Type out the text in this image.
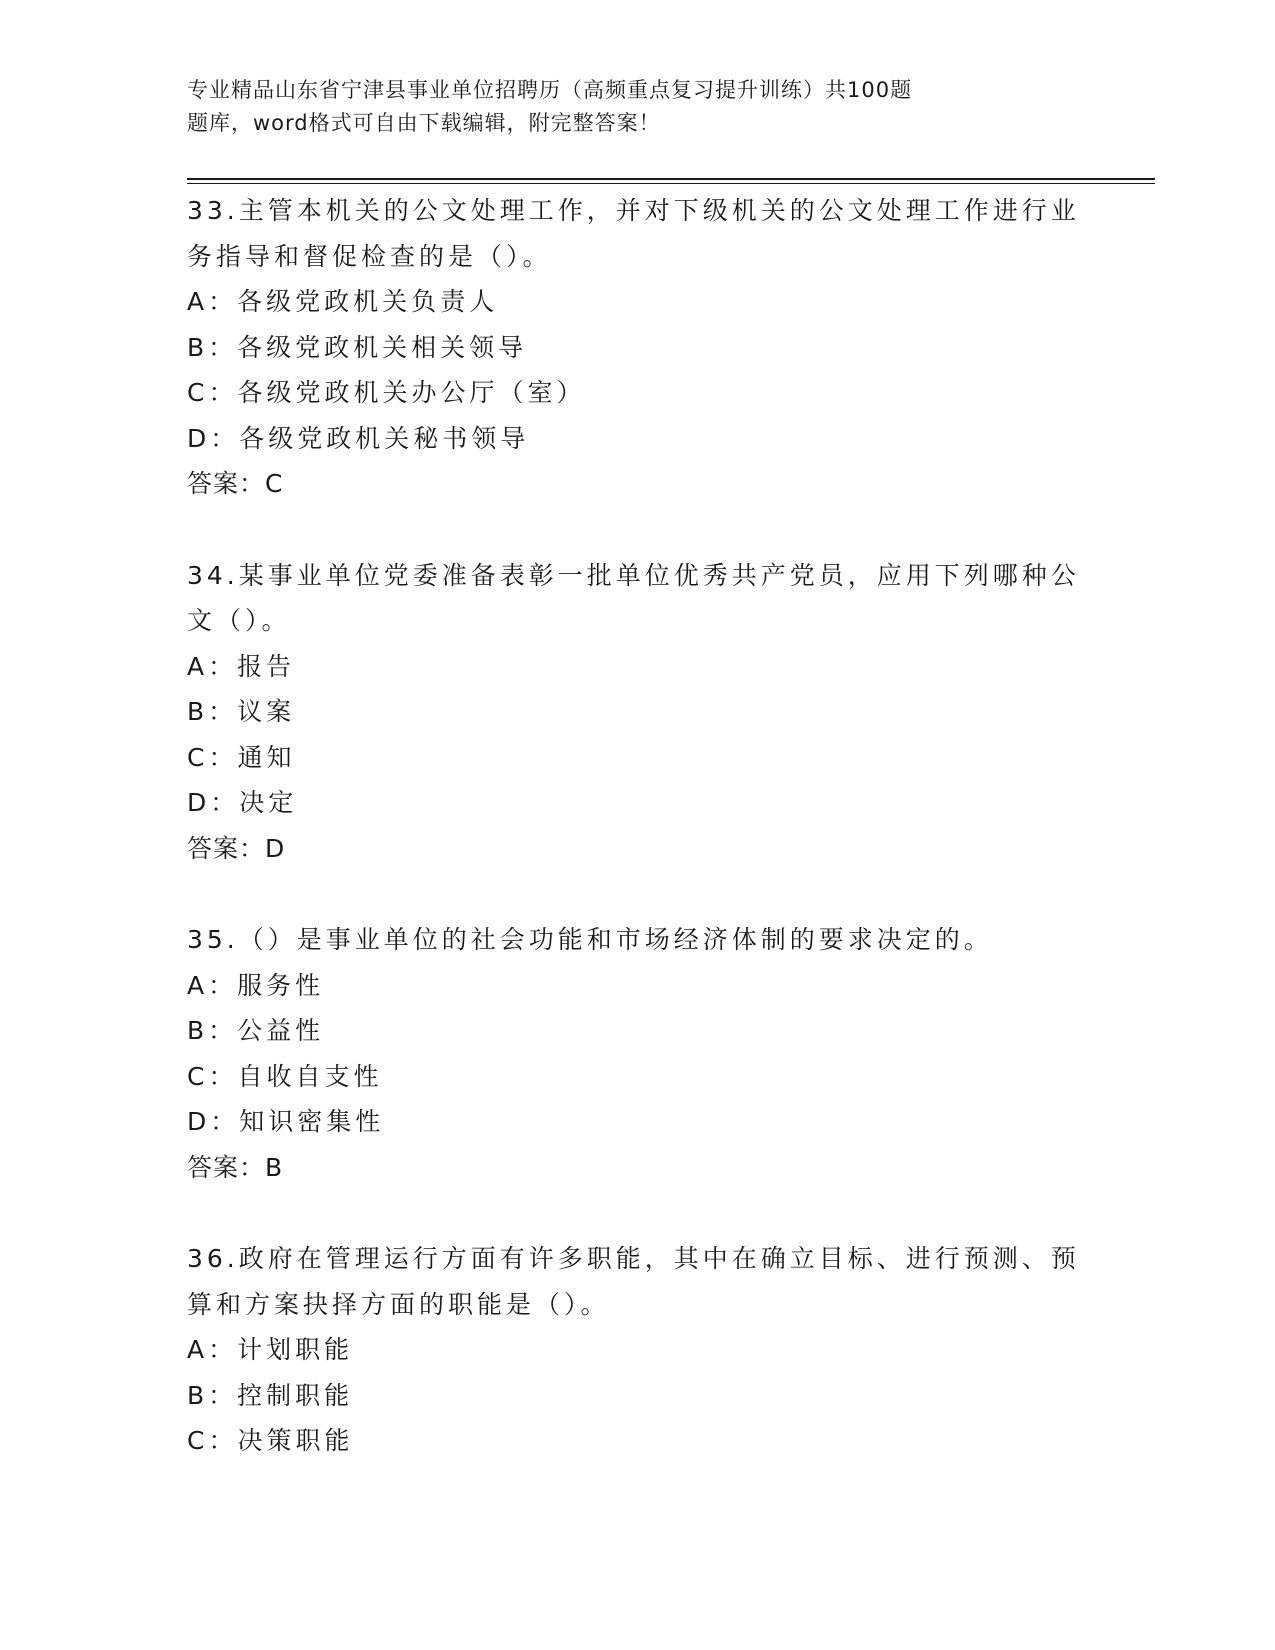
专业精品山东省宁津县事业单位招聘历（高频重点复习提升训练）共100题
题库，word格式可自由下载编辑，附完整答案！
33.主管本机关的公文处理工作，并对下级机关的公文处理工作进行业
务指导和督促检查的是（）。
A：各级党政机关负责人
B：各级党政机关相关领导
C：各级党政机关办公厅（室）
D：各级党政机关秘书领导
答案：C
34.某事业单位党委准备表彰一批单位优秀共产党员，应用下列哪种公
文（）。
A：报告
B：议案
C：通知
D：决定
答案：D
35.（）是事业单位的社会功能和市场经济体制的要求决定的。
A：服务性
B：公益性
C：自收自支性
D：知识密集性
答案：B
36.政府在管理运行方面有许多职能，其中在确立目标、进行预测、预
算和方案抉择方面的职能是（）。
A：计划职能
B：控制职能
C：决策职能
